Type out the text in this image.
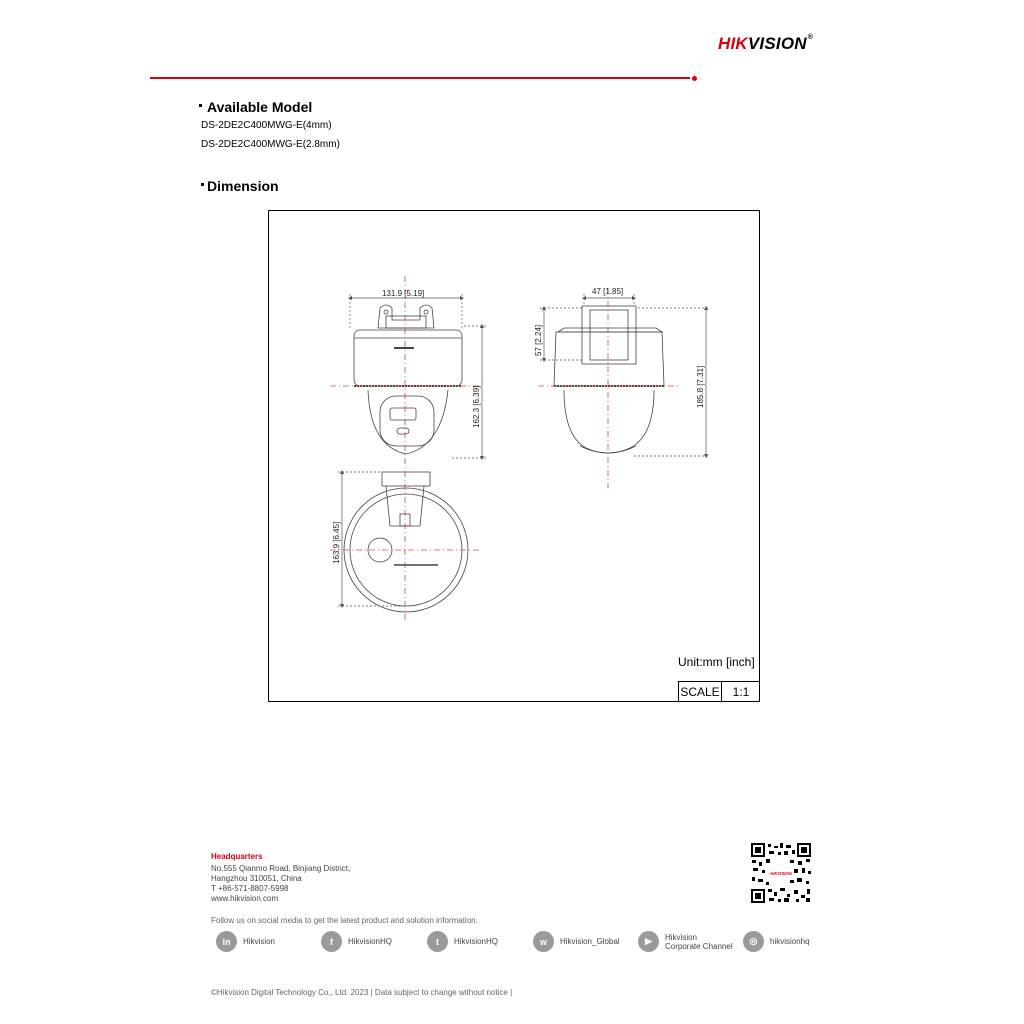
HIKVISION®
Available Model
DS-2DE2C400MWG-E(4mm)
DS-2DE2C400MWG-E(2.8mm)
Dimension
131.9 [5.19]
162.3 [6.39]
163.9 [6.45]
47 [1.85]
57 [2.24]
185.8 [7.31]
Unit:mm [inch]
SCALE	1:1
Headquarters
No.555 Qianmo Road, Binjiang District,
Hangzhou 310051, China
T +86-571-8807-5998
www.hikvision.com
HIKVISION
Follow us on social media to get the latest product and solution information.
in	Hikvision	f	HikvisionHQ	t	HikvisionHQ	w	Hikvision_Global	▶	Hikvision
Corporate Channel	◎	hikvisionhq
©Hikvision Digital Technology Co., Ltd. 2023 | Data subject to change without notice |
